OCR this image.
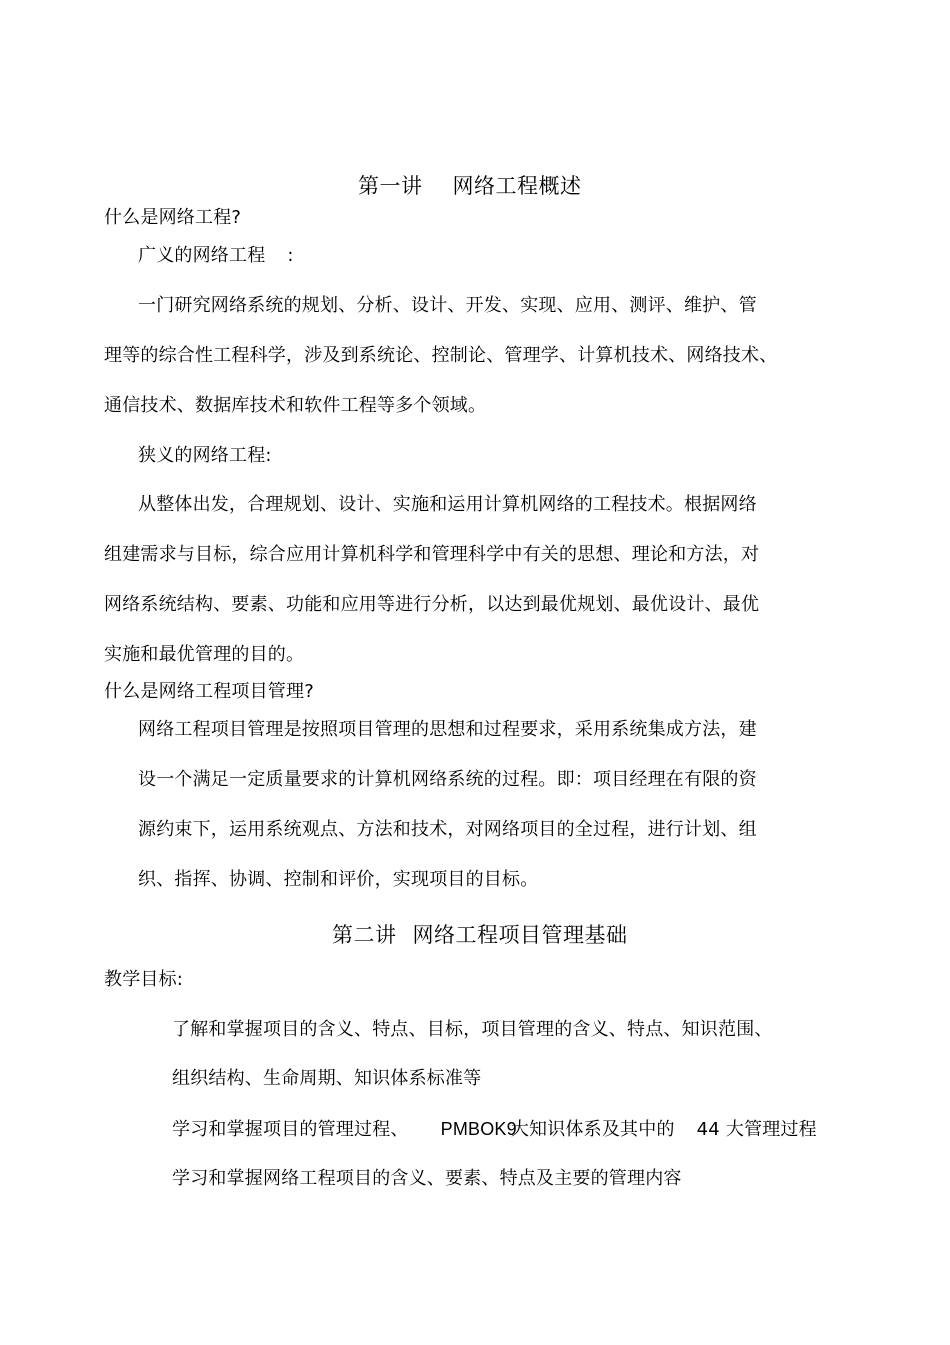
第一讲 网络工程概述
什么是网络工程?
广义的网络工程 :
一门研究网络系统的规划、分析、设计、开发、实现、应用、测评、维护、管
理等的综合性工程科学，涉及到系统论、控制论、管理学、计算机技术、网络技术、
通信技术、数据库技术和软件工程等多个领域。
狭义的网络工程:
从整体出发，合理规划、设计、实施和运用计算机网络的工程技术。根据网络
组建需求与目标，综合应用计算机科学和管理科学中有关的思想、理论和方法，对
网络系统结构、要素、功能和应用等进行分析，以达到最优规划、最优设计、最优
实施和最优管理的目的。
什么是网络工程项目管理?
网络工程项目管理是按照项目管理的思想和过程要求，采用系统集成方法，建
设一个满足一定质量要求的计算机网络系统的过程。即：项目经理在有限的资
源约束下，运用系统观点、方法和技术，对网络项目的全过程，进行计划、组
织、指挥、协调、控制和评价，实现项目的目标。
第二讲 网络工程项目管理基础
教学目标:
了解和掌握项目的含义、特点、目标，项目管理的含义、特点、知识范围、
组织结构、生命周期、知识体系标准等
学习和掌握项目的管理过程、 PMBOK9大知识体系及其中的 44 大管理过程
学习和掌握网络工程项目的含义、要素、特点及主要的管理内容
